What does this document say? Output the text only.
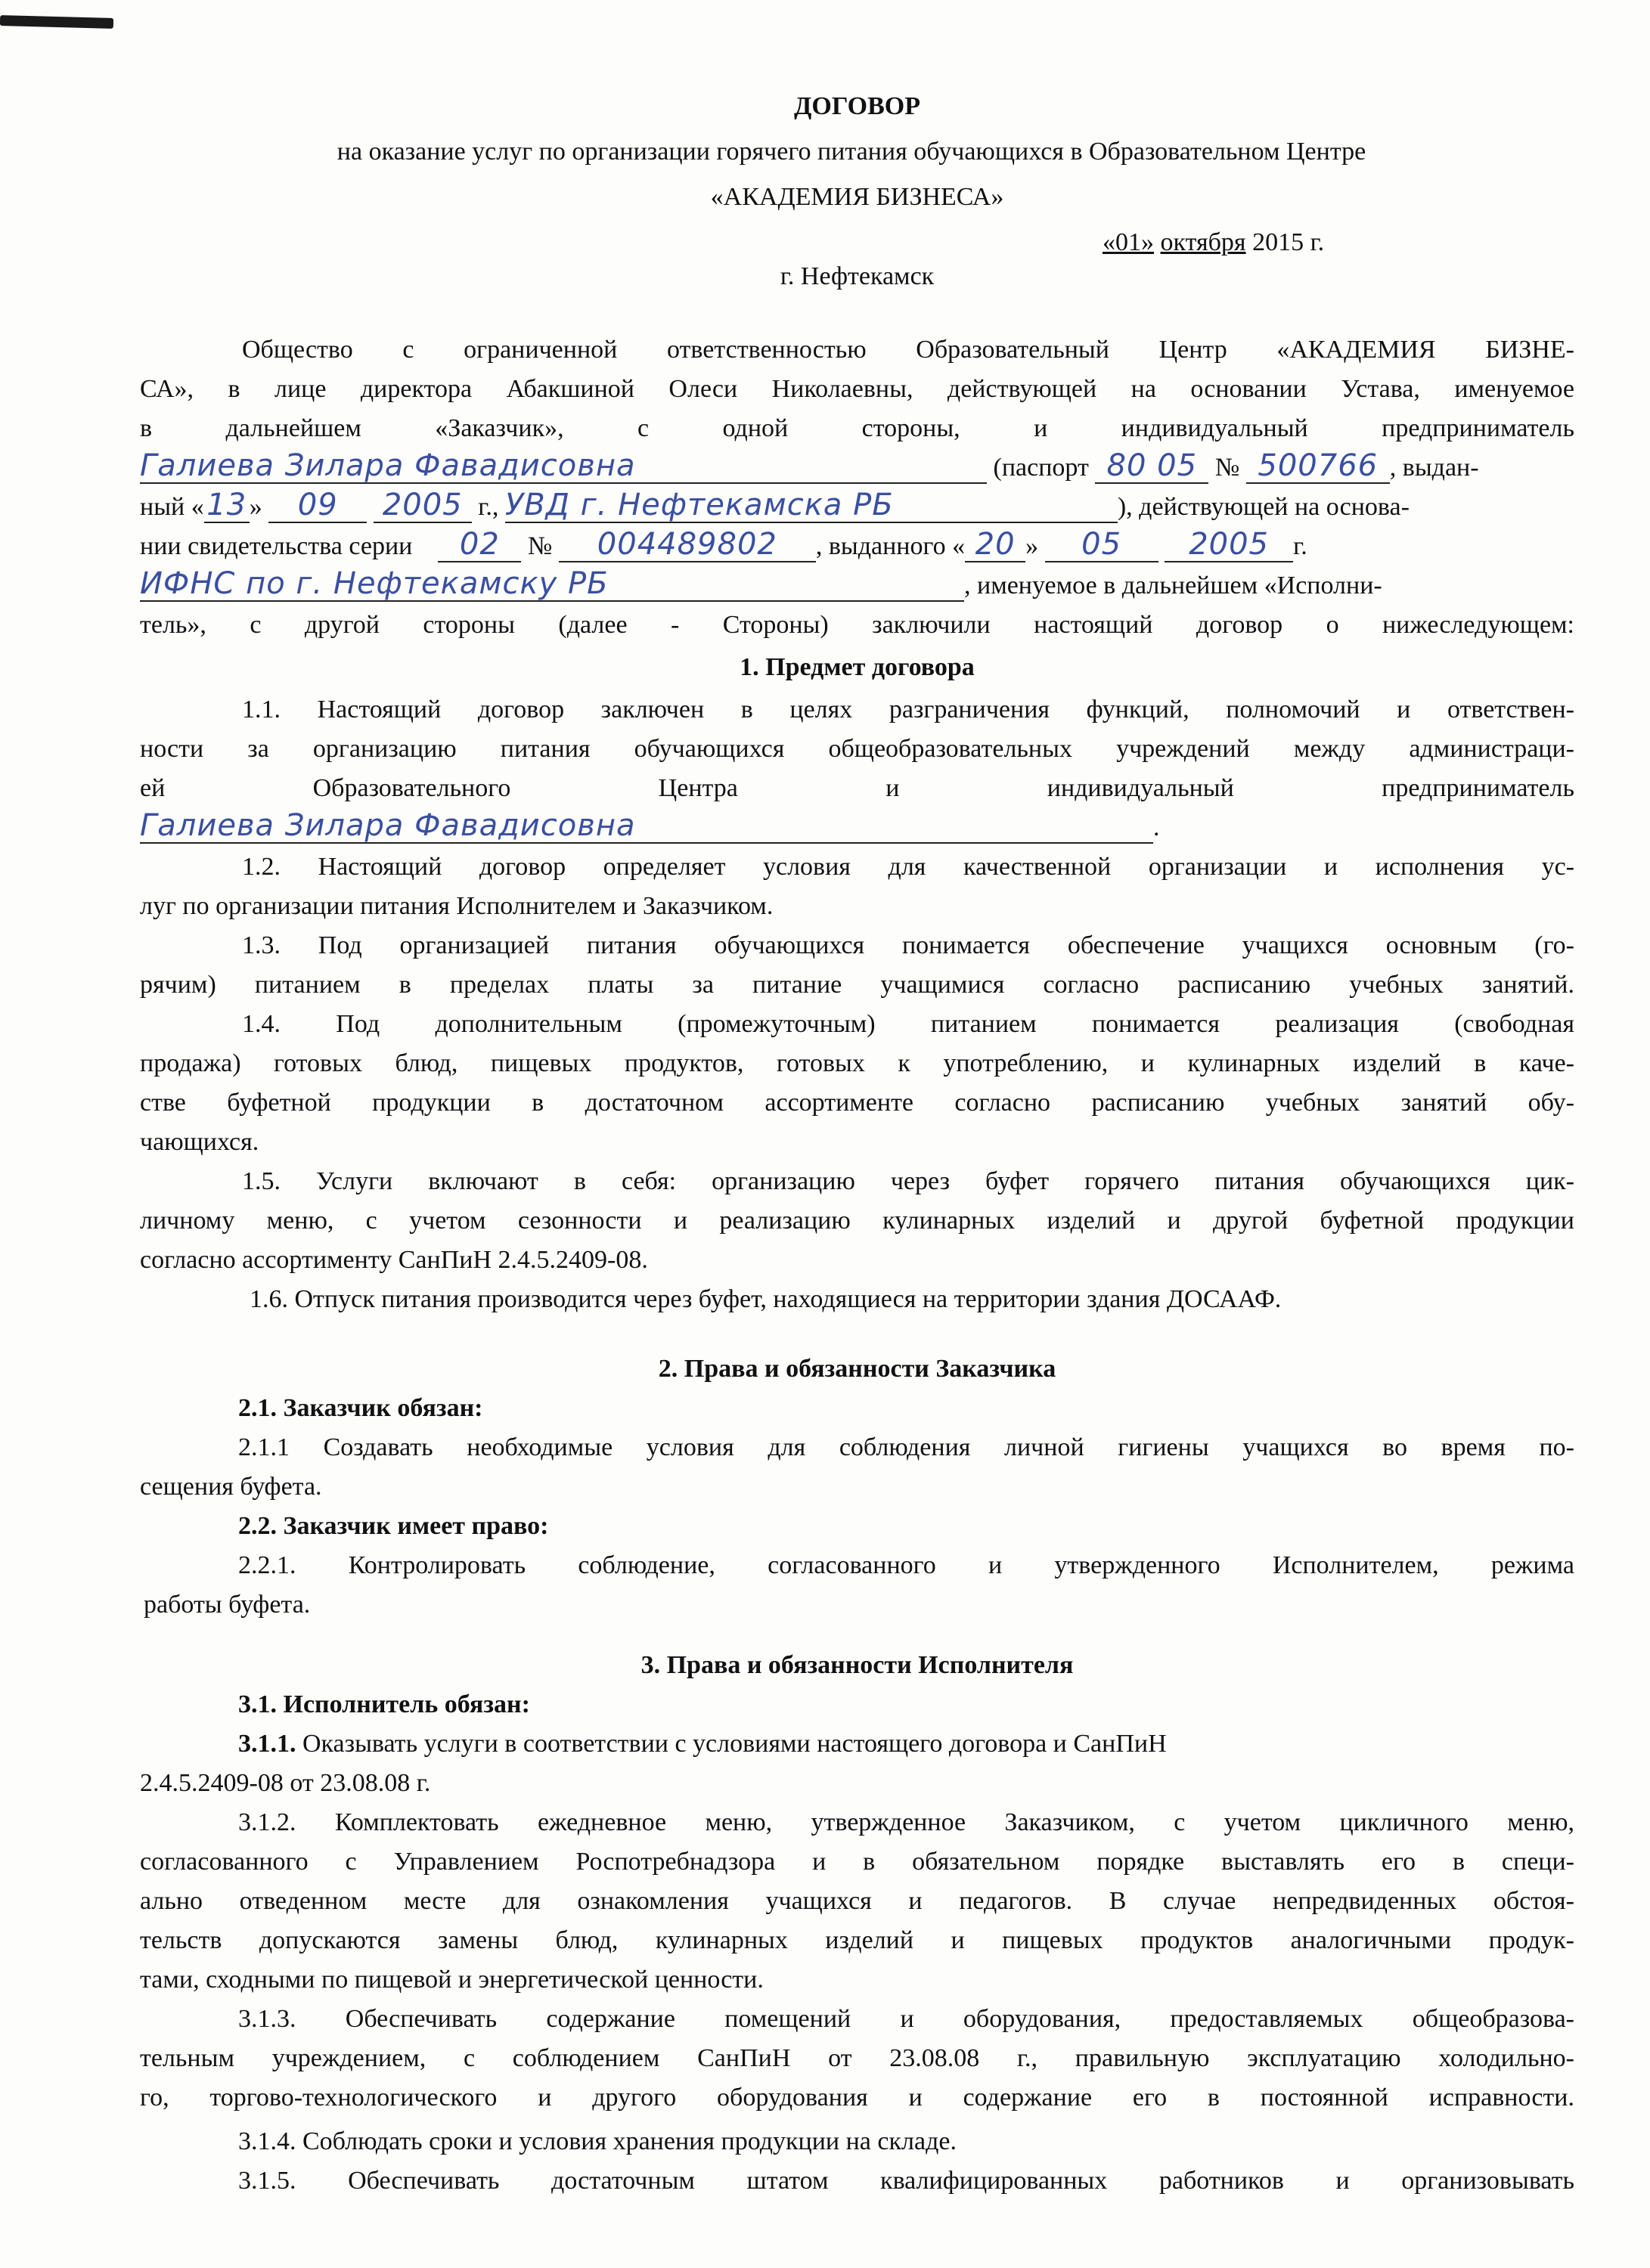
ДОГОВОР
на оказание услуг по организации горячего питания обучающихся в Образовательном Центре
«АКАДЕМИЯ БИЗНЕСА»
«01» октября 2015 г.
г. Нефтекамск
Общество с ограниченной ответственностью Образовательный Центр «АКАДЕМИЯ БИЗНЕ-
СА», в лице директора Абакшиной Олеси Николаевны, действующей на основании Устава, именуемое
в дальнейшем «Заказчик», с одной стороны, и индивидуальный предприниматель
Галиева Зилара Фавадисовна	(паспорт 80 05 № 500766 , выдан-
ный «13 » 09 2005 г., УВД г. Нефтекамска РБ	), действующей на основа-
нии свидетельства серии 02 № 004489802 , выданного « 20 » 05 2005 г.
ИФНС по г. Нефтекамску РБ	, именуемое в дальнейшем «Исполни-
тель», с другой стороны (далее - Стороны) заключили настоящий договор о нижеследующем:
1. Предмет договора
1.1. Настоящий договор заключен в целях разграничения функций, полномочий и ответствен-
ности за организацию питания обучающихся общеобразовательных учреждений между администраци-
ей Образовательного Центра и индивидуальный предприниматель
Галиева Зилара Фавадисовна	.
1.2. Настоящий договор определяет условия для качественной организации и исполнения ус-
луг по организации питания Исполнителем и Заказчиком.
1.3. Под организацией питания обучающихся понимается обеспечение учащихся основным (го-
рячим) питанием в пределах платы за питание учащимися согласно расписанию учебных занятий.
1.4. Под дополнительным (промежуточным) питанием понимается реализация (свободная
продажа) готовых блюд, пищевых продуктов, готовых к употреблению, и кулинарных изделий в каче-
стве буфетной продукции в достаточном ассортименте согласно расписанию учебных занятий обу-
чающихся.
1.5. Услуги включают в себя: организацию через буфет горячего питания обучающихся цик-
личному меню, с учетом сезонности и реализацию кулинарных изделий и другой буфетной продукции
согласно ассортименту СанПиН 2.4.5.2409-08.
1.6. Отпуск питания производится через буфет, находящиеся на территории здания ДОСААФ.
2. Права и обязанности Заказчика
2.1. Заказчик обязан:
2.1.1 Создавать необходимые условия для соблюдения личной гигиены учащихся во время по-
сещения буфета.
2.2. Заказчик имеет право:
2.2.1. Контролировать соблюдение, согласованного и утвержденного Исполнителем, режима
работы буфета.
3. Права и обязанности Исполнителя
3.1. Исполнитель обязан:
3.1.1. Оказывать услуги в соответствии с условиями настоящего договора и СанПиН
2.4.5.2409-08 от 23.08.08 г.
3.1.2. Комплектовать ежедневное меню, утвержденное Заказчиком, с учетом цикличного меню,
согласованного с Управлением Роспотребнадзора и в обязательном порядке выставлять его в специ-
ально отведенном месте для ознакомления учащихся и педагогов. В случае непредвиденных обстоя-
тельств допускаются замены блюд, кулинарных изделий и пищевых продуктов аналогичными продук-
тами, сходными по пищевой и энергетической ценности.
3.1.3. Обеспечивать содержание помещений и оборудования, предоставляемых общеобразова-
тельным учреждением, с соблюдением СанПиН от 23.08.08 г., правильную эксплуатацию холодильно-
го, торгово-технологического и другого оборудования и содержание его в постоянной исправности.
3.1.4. Соблюдать сроки и условия хранения продукции на складе.
3.1.5. Обеспечивать достаточным штатом квалифицированных работников и организовывать
